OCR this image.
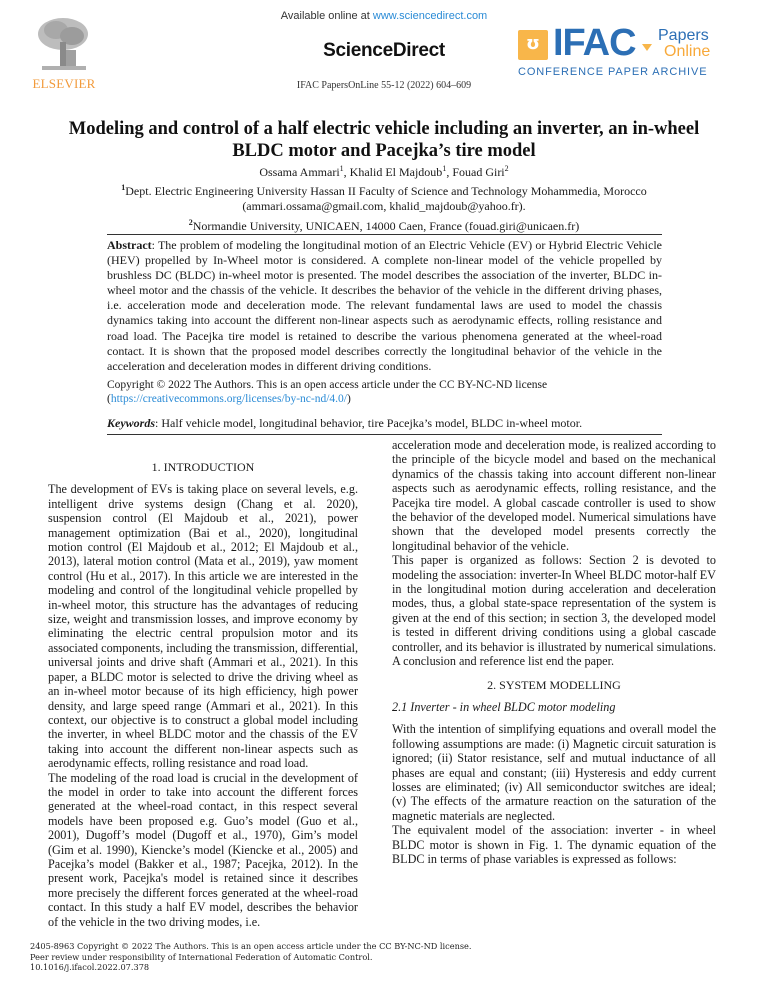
ELSEVIER
Available online at www.sciencedirect.com
ScienceDirect
IFAC PapersOnLine 55-12 (2022) 604–609
ʊ IFAC Papers
Online
CONFERENCE PAPER ARCHIVE
Modeling and control of a half electric vehicle including an inverter, an in-wheel BLDC motor and Pacejka’s tire model
Ossama Ammari$^1$, Khalid El Majdoub$^1$, Fouad Giri$^2$
$^1$Dept. Electric Engineering University Hassan II Faculty of Science and Technology Mohammedia, Morocco (ammari.ossama@gmail.com, khalid_majdoub@yahoo.fr).
$^2$Normandie University, UNICAEN, 14000 Caen, France (fouad.giri@unicaen.fr)
Abstract: The problem of modeling the longitudinal motion of an Electric Vehicle (EV) or Hybrid Electric Vehicle (HEV) propelled by In-Wheel motor is considered. A complete non-linear model of the vehicle propelled by brushless DC (BLDC) in-wheel motor is presented. The model describes the association of the inverter, BLDC in-wheel motor and the chassis of the vehicle. It describes the behavior of the vehicle in the different driving phases, i.e. acceleration mode and deceleration mode. The relevant fundamental laws are used to model the chassis dynamics taking into account the different non-linear aspects such as aerodynamic effects, rolling resistance and road load. The Pacejka tire model is retained to describe the various phenomena generated at the wheel-road contact. It is shown that the proposed model describes correctly the longitudinal behavior of the vehicle in the acceleration and deceleration modes in different driving conditions.
Copyright © 2022 The Authors. This is an open access article under the CC BY-NC-ND license
(https://creativecommons.org/licenses/by-nc-nd/4.0/)
Keywords: Half vehicle model, longitudinal behavior, tire Pacejka’s model, BLDC in-wheel motor.
1. INTRODUCTION

The development of EVs is taking place on several levels, e.g. intelligent drive systems design (Chang et al. 2020), suspension control (El Majdoub et al., 2021), power management optimization (Bai et al., 2020), longitudinal motion control (El Majdoub et al., 2012; El Majdoub et al., 2013), lateral motion control (Mata et al., 2019), yaw moment control (Hu et al., 2017). In this article we are interested in the modeling and control of the longitudinal vehicle propelled by in-wheel motor, this structure has the advantages of reducing size, weight and transmission losses, and improve economy by eliminating the electric central propulsion motor and its associated components, including the transmission, differential, universal joints and drive shaft (Ammari et al., 2021). In this paper, a BLDC motor is selected to drive the driving wheel as an in-wheel motor because of its high efficiency, high power density, and large speed range (Ammari et al., 2021). In this context, our objective is to construct a global model including the inverter, in wheel BLDC motor and the chassis of the EV taking into account the different non-linear aspects such as aerodynamic effects, rolling resistance and road load.

The modeling of the road load is crucial in the development of the model in order to take into account the different forces generated at the wheel-road contact, in this respect several models have been proposed e.g. Guo’s model (Guo et al., 2001), Dugoff’s model (Dugoff et al., 1970), Gim’s model (Gim et al. 1990), Kiencke’s model (Kiencke et al., 2005) and Pacejka’s model (Bakker et al., 1987; Pacejka, 2012). In the present work, Pacejka's model is retained since it describes more precisely the different forces generated at the wheel-road contact. In this study a half EV model, describes the behavior of the vehicle in the two driving modes, i.e.

acceleration mode and deceleration mode, is realized according to the principle of the bicycle model and based on the mechanical dynamics of the chassis taking into account different non-linear aspects such as aerodynamic effects, rolling resistance, and the Pacejka tire model. A global cascade controller is used to show the behavior of the developed model. Numerical simulations have shown that the developed model presents correctly the longitudinal behavior of the vehicle.

This paper is organized as follows: Section 2 is devoted to modeling the association: inverter-In Wheel BLDC motor-half EV in the longitudinal motion during acceleration and deceleration modes, thus, a global state-space representation of the system is given at the end of this section; in section 3, the developed model is tested in different driving conditions using a global cascade controller, and its behavior is illustrated by numerical simulations. A conclusion and reference list end the paper.

2. SYSTEM MODELLING
2.1 Inverter - in wheel BLDC motor modeling

With the intention of simplifying equations and overall model the following assumptions are made: (i) Magnetic circuit saturation is ignored; (ii) Stator resistance, self and mutual inductance of all phases are equal and constant; (iii) Hysteresis and eddy current losses are eliminated; (iv) All semiconductor switches are ideal; (v) The effects of the armature reaction on the saturation of the magnetic materials are neglected.

The equivalent model of the association: inverter - in wheel BLDC motor is shown in Fig. 1. The dynamic equation of the BLDC in terms of phase variables is expressed as follows:

2405-8963 Copyright © 2022 The Authors. This is an open access article under the CC BY-NC-ND license.
Peer review under responsibility of International Federation of Automatic Control.
10.1016/j.ifacol.2022.07.378
